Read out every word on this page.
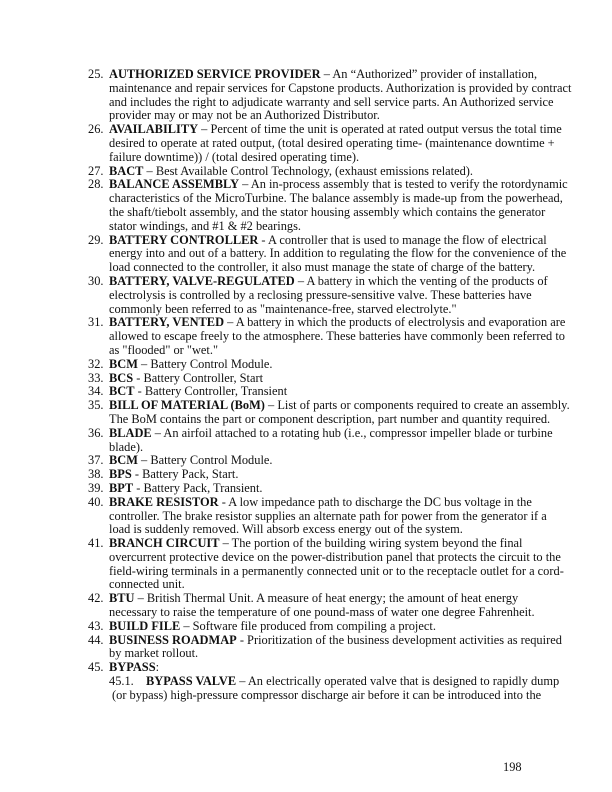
25. AUTHORIZED SERVICE PROVIDER – An “Authorized” provider of installation,
maintenance and repair services for Capstone products. Authorization is provided by contract
and includes the right to adjudicate warranty and sell service parts. An Authorized service
provider may or may not be an Authorized Distributor.
26. AVAILABILITY – Percent of time the unit is operated at rated output versus the total time
desired to operate at rated output, (total desired operating time- (maintenance downtime +
failure downtime)) / (total desired operating time).
27. BACT – Best Available Control Technology, (exhaust emissions related).
28. BALANCE ASSEMBLY – An in-process assembly that is tested to verify the rotordynamic
characteristics of the MicroTurbine. The balance assembly is made-up from the powerhead,
the shaft/tiebolt assembly, and the stator housing assembly which contains the generator
stator windings, and #1 & #2 bearings.
29. BATTERY CONTROLLER - A controller that is used to manage the flow of electrical
energy into and out of a battery. In addition to regulating the flow for the convenience of the
load connected to the controller, it also must manage the state of charge of the battery.
30. BATTERY, VALVE-REGULATED – A battery in which the venting of the products of
electrolysis is controlled by a reclosing pressure-sensitive valve. These batteries have
commonly been referred to as "maintenance-free, starved electrolyte."
31. BATTERY, VENTED – A battery in which the products of electrolysis and evaporation are
allowed to escape freely to the atmosphere. These batteries have commonly been referred to
as "flooded" or "wet."
32. BCM – Battery Control Module.
33. BCS - Battery Controller, Start
34. BCT - Battery Controller, Transient
35. BILL OF MATERIAL (BoM) – List of parts or components required to create an assembly.
The BoM contains the part or component description, part number and quantity required.
36. BLADE – An airfoil attached to a rotating hub (i.e., compressor impeller blade or turbine
blade).
37. BCM – Battery Control Module.
38. BPS - Battery Pack, Start.
39. BPT - Battery Pack, Transient.
40. BRAKE RESISTOR - A low impedance path to discharge the DC bus voltage in the
controller. The brake resistor supplies an alternate path for power from the generator if a
load is suddenly removed. Will absorb excess energy out of the system.
41. BRANCH CIRCUIT – The portion of the building wiring system beyond the final
overcurrent protective device on the power-distribution panel that protects the circuit to the
field-wiring terminals in a permanently connected unit or to the receptacle outlet for a cord-
connected unit.
42. BTU – British Thermal Unit. A measure of heat energy; the amount of heat energy
necessary to raise the temperature of one pound-mass of water one degree Fahrenheit.
43. BUILD FILE – Software file produced from compiling a project.
44. BUSINESS ROADMAP - Prioritization of the business development activities as required
by market rollout.
45. BYPASS:
45.1. BYPASS VALVE – An electrically operated valve that is designed to rapidly dump
(or bypass) high-pressure compressor discharge air before it can be introduced into the
198
